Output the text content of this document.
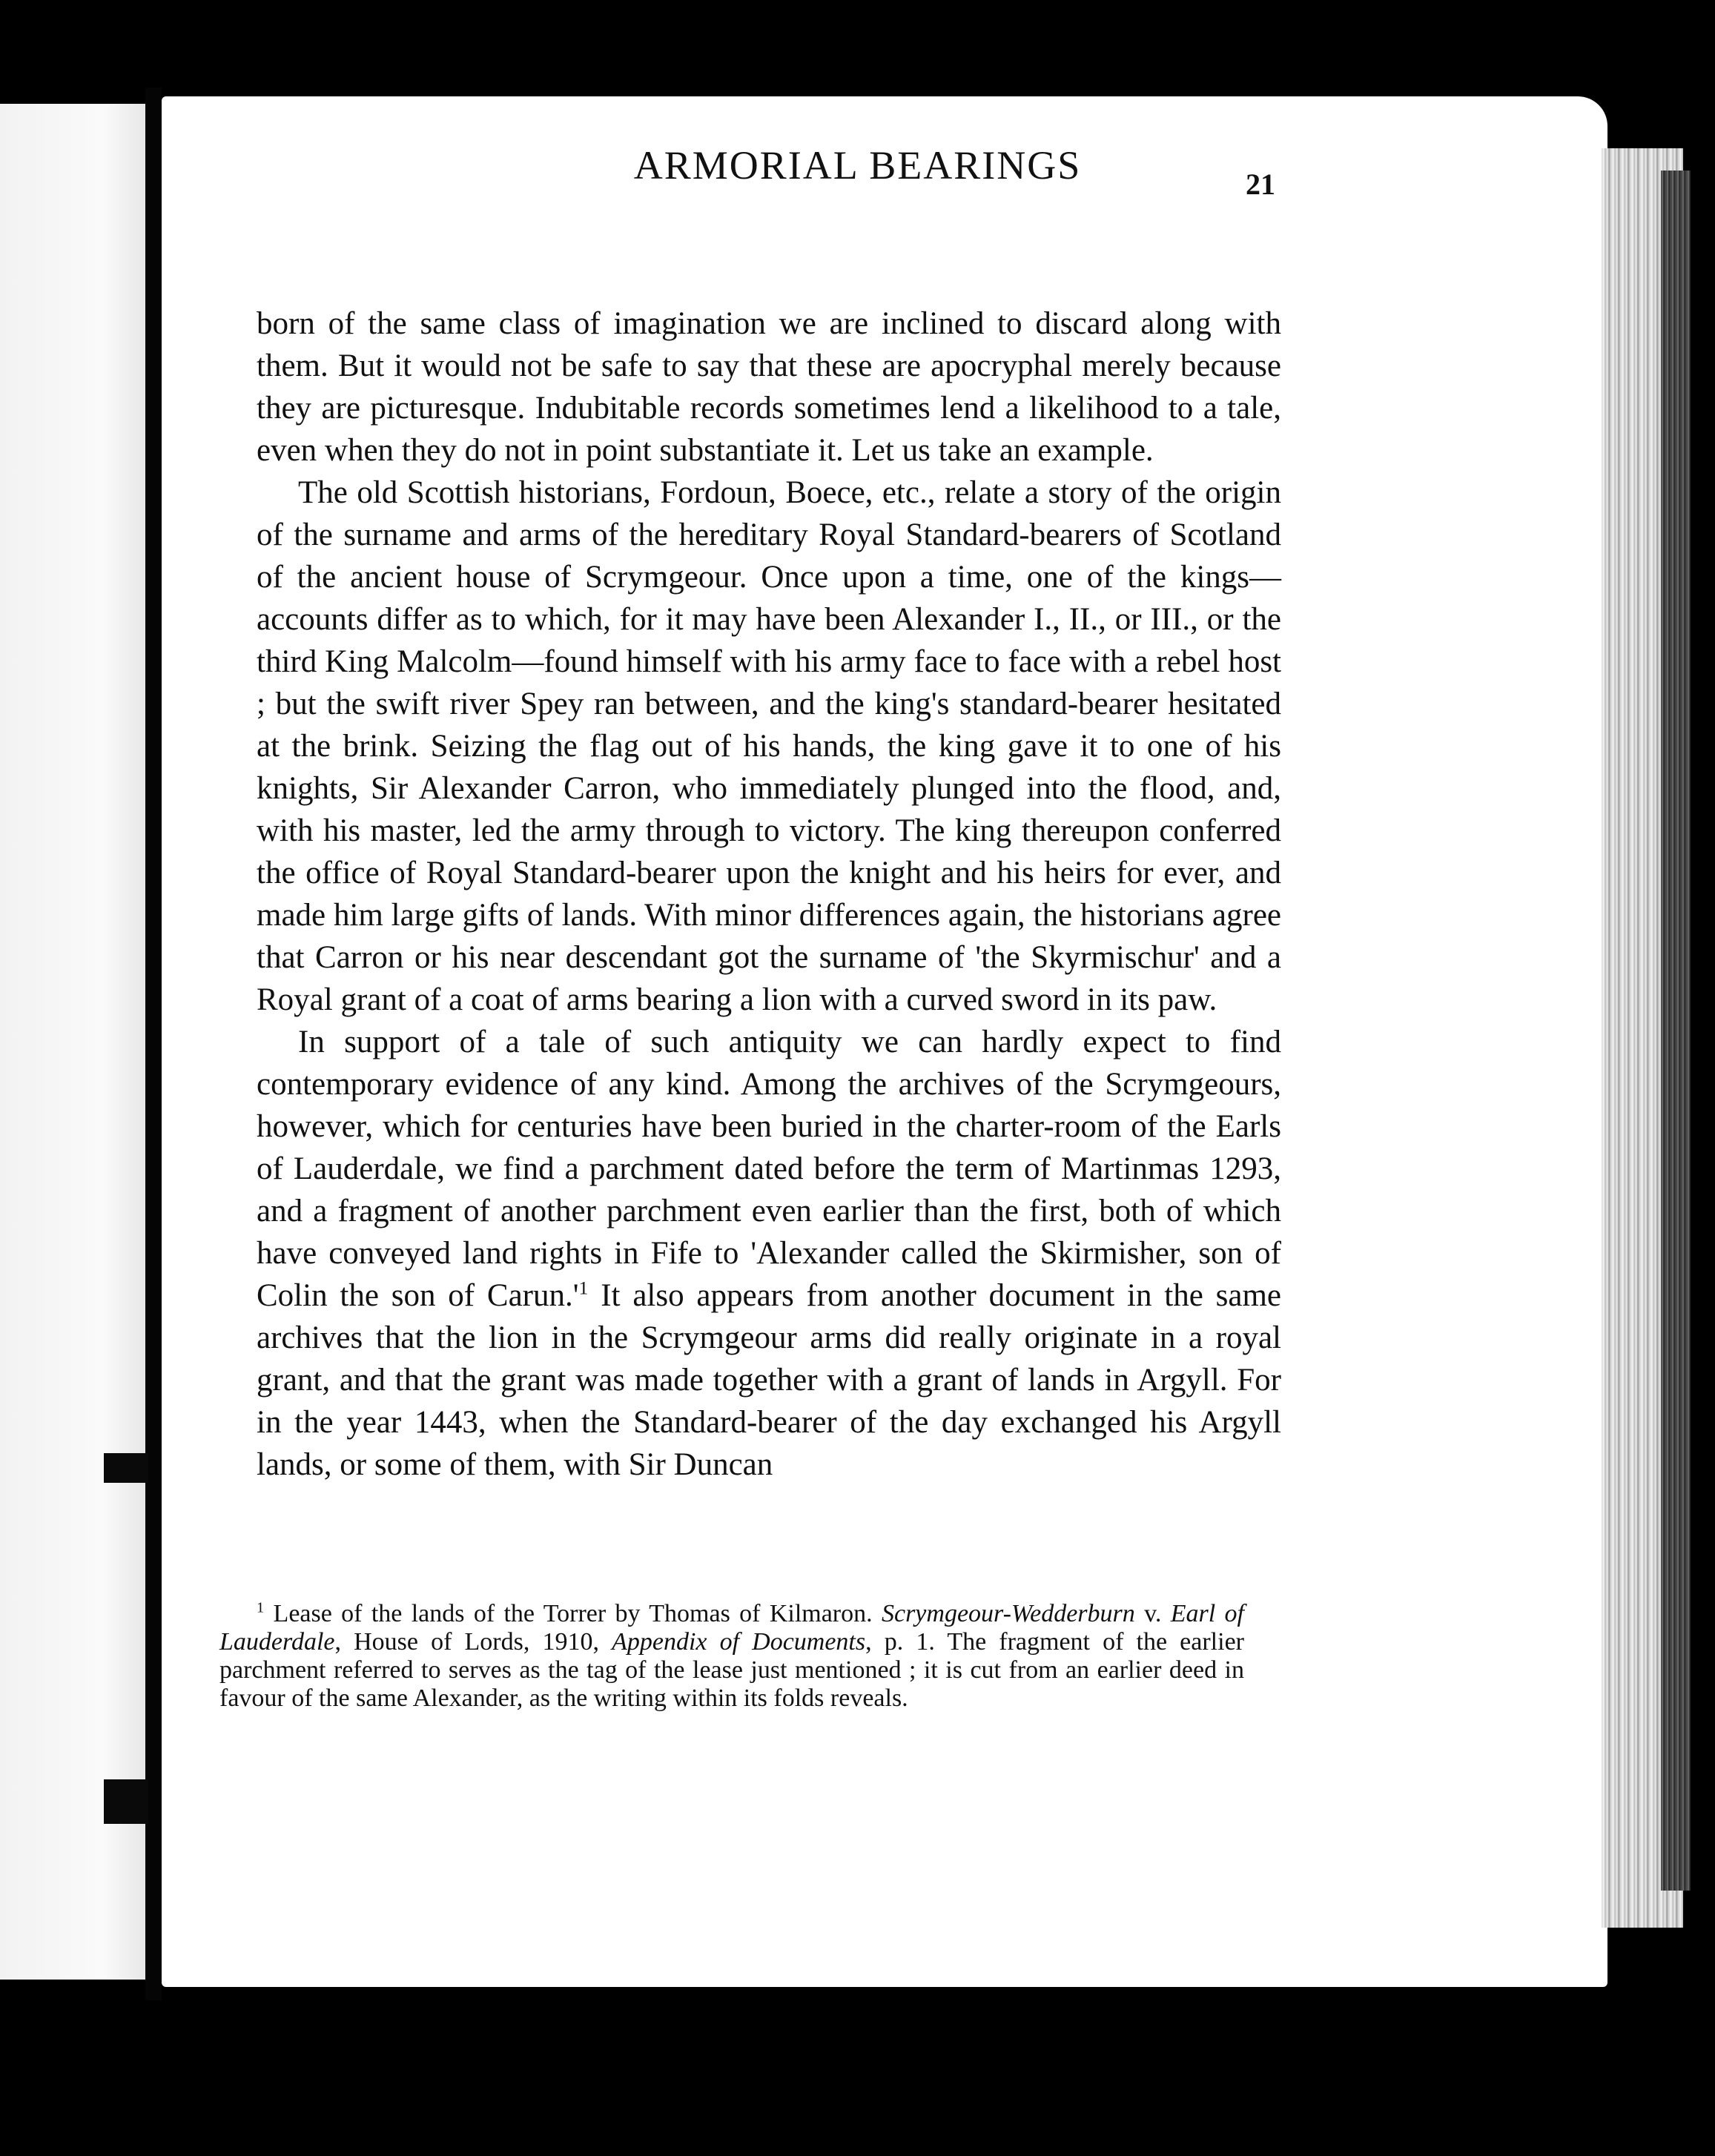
ARMORIAL BEARINGS	21

born of the same class of imagination we are inclined to discard along with them. But it would not be safe to say that these are apocryphal merely because they are picturesque. Indubitable records sometimes lend a likelihood to a tale, even when they do not in point substantiate it. Let us take an example.

The old Scottish historians, Fordoun, Boece, etc., relate a story of the origin of the surname and arms of the hereditary Royal Standard-bearers of Scotland of the ancient house of Scrymgeour. Once upon a time, one of the kings—accounts differ as to which, for it may have been Alexander I., II., or III., or the third King Malcolm—found himself with his army face to face with a rebel host ; but the swift river Spey ran between, and the king's standard-bearer hesitated at the brink. Seizing the flag out of his hands, the king gave it to one of his knights, Sir Alexander Carron, who immediately plunged into the flood, and, with his master, led the army through to victory. The king thereupon conferred the office of Royal Standard-bearer upon the knight and his heirs for ever, and made him large gifts of lands. With minor differences again, the historians agree that Carron or his near descendant got the surname of 'the Skyrmischur' and a Royal grant of a coat of arms bearing a lion with a curved sword in its paw.

In support of a tale of such antiquity we can hardly expect to find contemporary evidence of any kind. Among the archives of the Scrymgeours, however, which for centuries have been buried in the charter-room of the Earls of Lauderdale, we find a parchment dated before the term of Martinmas 1293, and a fragment of another parchment even earlier than the first, both of which have conveyed land rights in Fife to 'Alexander called the Skirmisher, son of Colin the son of $Carun.'^1$ It also appears from another document in the same archives that the lion in the Scrymgeour arms did really originate in a royal grant, and that the grant was made together with a grant of lands in Argyll. For in the year 1443, when the Standard-bearer of the day exchanged his Argyll lands, or some of them, with Sir Duncan

$^1$ Lease of the lands of the Torrer by Thomas of Kilmaron. Scrymgeour-Wedderburn v. Earl of Lauderdale, House of Lords, 1910, Appendix of Documents, p. 1. The fragment of the earlier parchment referred to serves as the tag of the lease just mentioned ; it is cut from an earlier deed in favour of the same Alexander, as the writing within its folds reveals.
